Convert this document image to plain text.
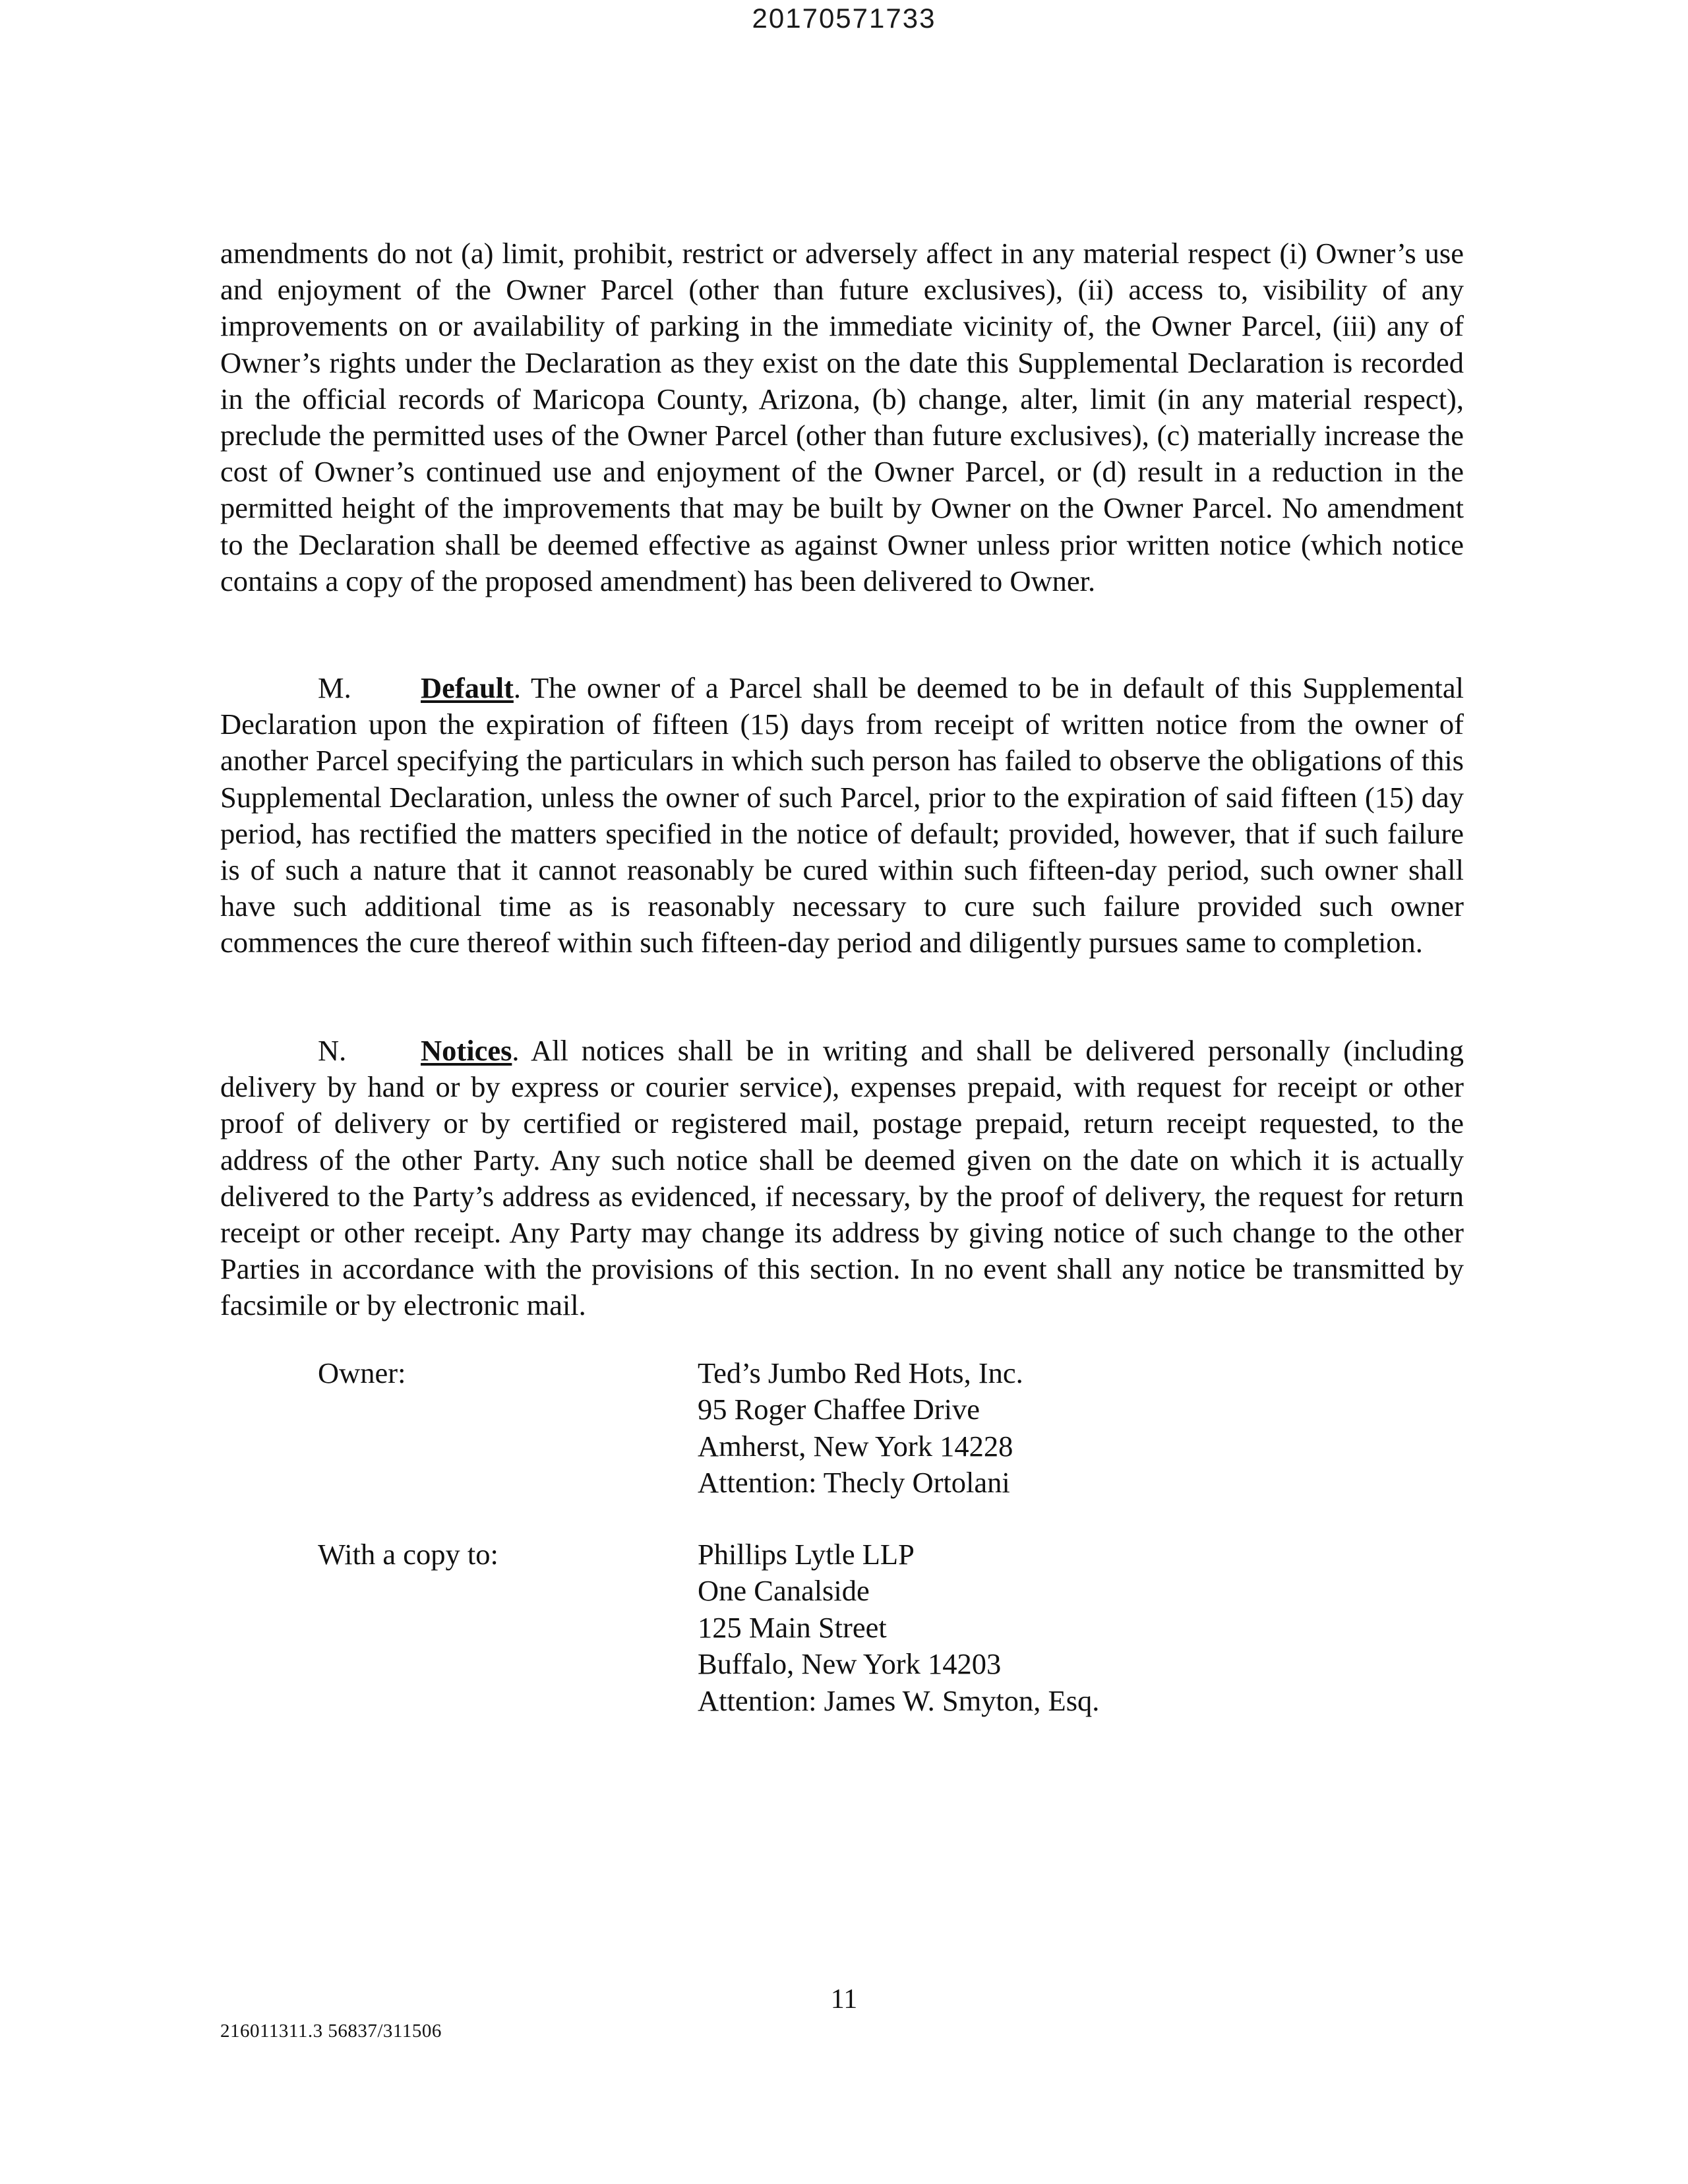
20170571733

amendments do not (a) limit, prohibit, restrict or adversely affect in any material respect (i) Owner’s use and enjoyment of the Owner Parcel (other than future exclusives), (ii) access to, visibility of any improvements on or availability of parking in the immediate vicinity of, the Owner Parcel, (iii) any of Owner’s rights under the Declaration as they exist on the date this Supplemental Declaration is recorded in the official records of Maricopa County, Arizona, (b) change, alter, limit (in any material respect), preclude the permitted uses of the Owner Parcel (other than future exclusives), (c) materially increase the cost of Owner’s continued use and enjoyment of the Owner Parcel, or (d) result in a reduction in the permitted height of the improvements that may be built by Owner on the Owner Parcel. No amendment to the Declaration shall be deemed effective as against Owner unless prior written notice (which notice contains a copy of the proposed amendment) has been delivered to Owner.

M. Default. The owner of a Parcel shall be deemed to be in default of this Supplemental Declaration upon the expiration of fifteen (15) days from receipt of written notice from the owner of another Parcel specifying the particulars in which such person has failed to observe the obligations of this Supplemental Declaration, unless the owner of such Parcel, prior to the expiration of said fifteen (15) day period, has rectified the matters specified in the notice of default; provided, however, that if such failure is of such a nature that it cannot reasonably be cured within such fifteen-day period, such owner shall have such additional time as is reasonably necessary to cure such failure provided such owner commences the cure thereof within such fifteen-day period and diligently pursues same to completion.

N.	Notices. All notices shall be in writing and shall be delivered personally (including delivery by hand or by express or courier service), expenses prepaid, with request for receipt or other proof of delivery or by certified or registered mail, postage prepaid, return receipt requested, to the address of the other Party. Any such notice shall be deemed given on the date on which it is actually delivered to the Party’s address as evidenced, if necessary, by the proof of delivery, the request for return receipt or other receipt. Any Party may change its address by giving notice of such change to the other Parties in accordance with the provisions of this section. In no event shall any notice be transmitted by facsimile or by electronic mail.

Owner:	Ted’s Jumbo Red Hots, Inc.
95 Roger Chaffee Drive
Amherst, New York 14228
Attention: Thecly Ortolani
With a copy to:	Phillips Lytle LLP
One Canalside
125 Main Street
Buffalo, New York 14203
Attention: James W. Smyton, Esq.
11
216011311.3 56837/311506
